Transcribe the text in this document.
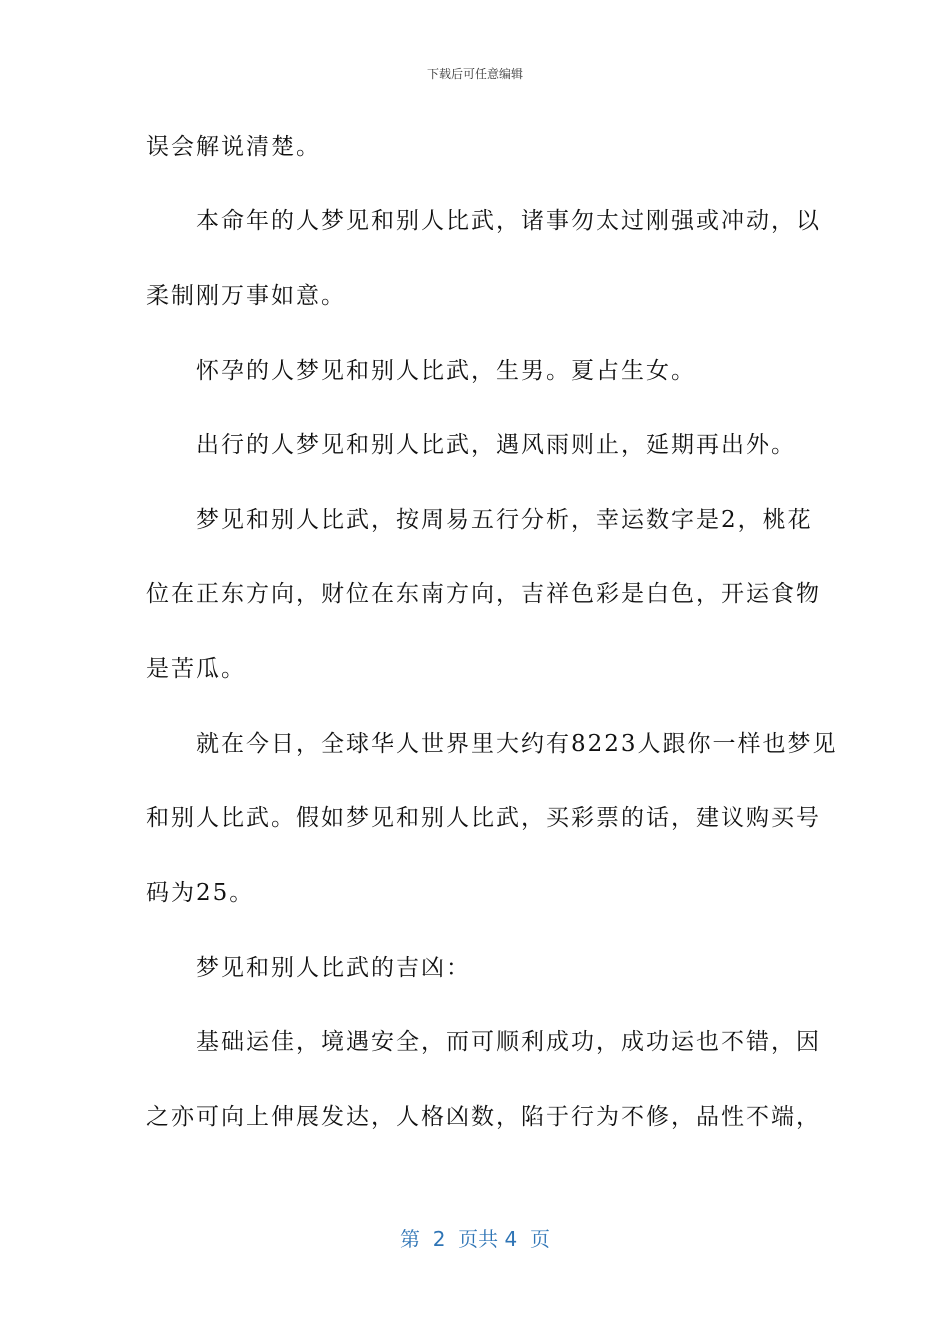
下载后可任意编辑
误会解说清楚。
　　本命年的人梦见和别人比武，诸事勿太过刚强或冲动，以
柔制刚万事如意。
　　怀孕的人梦见和别人比武，生男。夏占生女。
　　出行的人梦见和别人比武，遇风雨则止，延期再出外。
　　梦见和别人比武，按周易五行分析，幸运数字是2，桃花
位在正东方向，财位在东南方向，吉祥色彩是白色，开运食物
是苦瓜。
　　就在今日，全球华人世界里大约有8223人跟你一样也梦见
和别人比武。假如梦见和别人比武，买彩票的话，建议购买号
码为25。
　　梦见和别人比武的吉凶：
　　基础运佳，境遇安全，而可顺利成功，成功运也不错，因
之亦可向上伸展发达，人格凶数，陷于行为不修，品性不端，
第  2  页共 4  页
